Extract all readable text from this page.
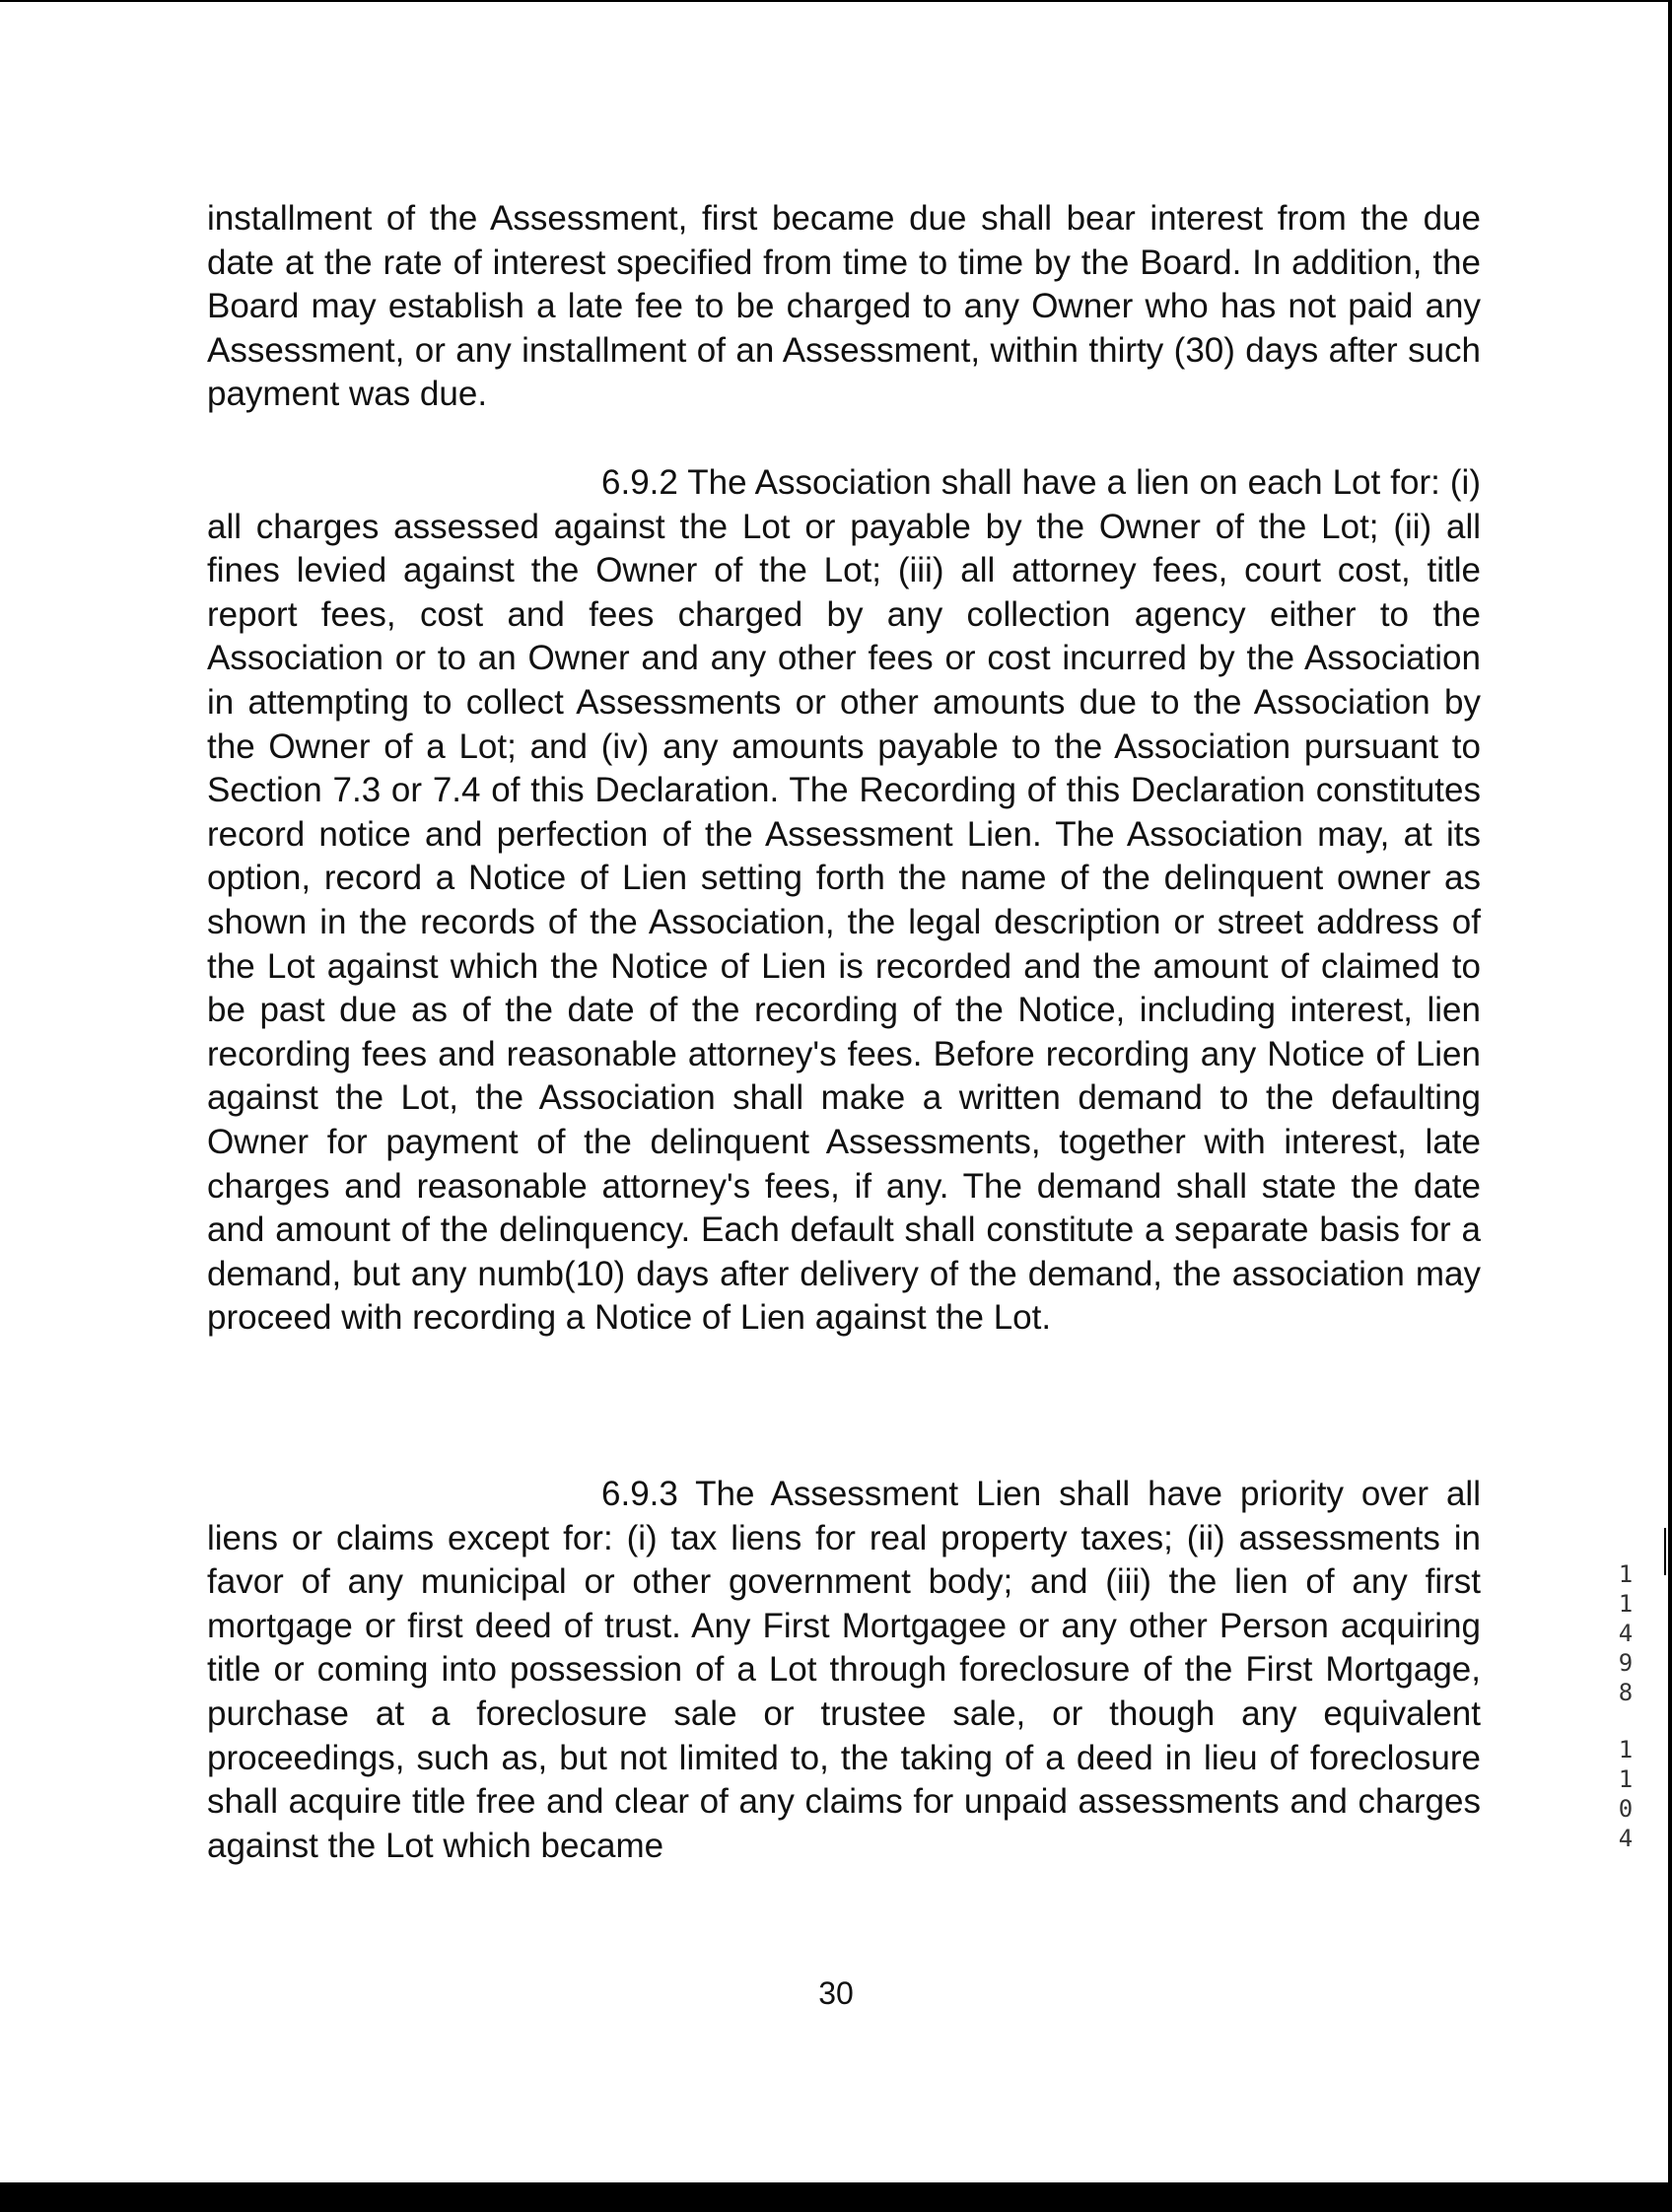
installment of the Assessment, first became due shall bear interest from the due date at the rate of interest specified from time to time by the Board. In addition, the Board may establish a late fee to be charged to any Owner who has not paid any Assessment, or any installment of an Assessment, within thirty (30) days after such payment was due.

6.9.2 The Association shall have a lien on each Lot for: (i) all charges assessed against the Lot or payable by the Owner of the Lot; (ii) all fines levied against the Owner of the Lot; (iii) all attorney fees, court cost, title report fees, cost and fees charged by any collection agency either to the Association or to an Owner and any other fees or cost incurred by the Association in attempting to collect Assessments or other amounts due to the Association by the Owner of a Lot; and (iv) any amounts payable to the Association pursuant to Section 7.3 or 7.4 of this Declaration. The Recording of this Declaration constitutes record notice and perfection of the Assessment Lien. The Association may, at its option, record a Notice of Lien setting forth the name of the delinquent owner as shown in the records of the Association, the legal description or street address of the Lot against which the Notice of Lien is recorded and the amount of claimed to be past due as of the date of the recording of the Notice, including interest, lien recording fees and reasonable attorney's fees. Before recording any Notice of Lien against the Lot, the Association shall make a written demand to the defaulting Owner for payment of the delinquent Assessments, together with interest, late charges and reasonable attorney's fees, if any. The demand shall state the date and amount of the delinquency. Each default shall constitute a separate basis for a demand, but any numb(10) days after delivery of the demand, the association may proceed with recording a Notice of Lien against the Lot.

6.9.3 The Assessment Lien shall have priority over all liens or claims except for: (i) tax liens for real property taxes; (ii) assessments in favor of any municipal or other government body; and (iii) the lien of any first mortgage or first deed of trust. Any First Mortgagee or any other Person acquiring title or coming into possession of a Lot through foreclosure of the First Mortgage, purchase at a foreclosure sale or trustee sale, or though any equivalent proceedings, such as, but not limited to, the taking of a deed in lieu of foreclosure shall acquire title free and clear of any claims for unpaid assessments and charges against the Lot which became

30

1
1
4
9
8
1
1
0
4
